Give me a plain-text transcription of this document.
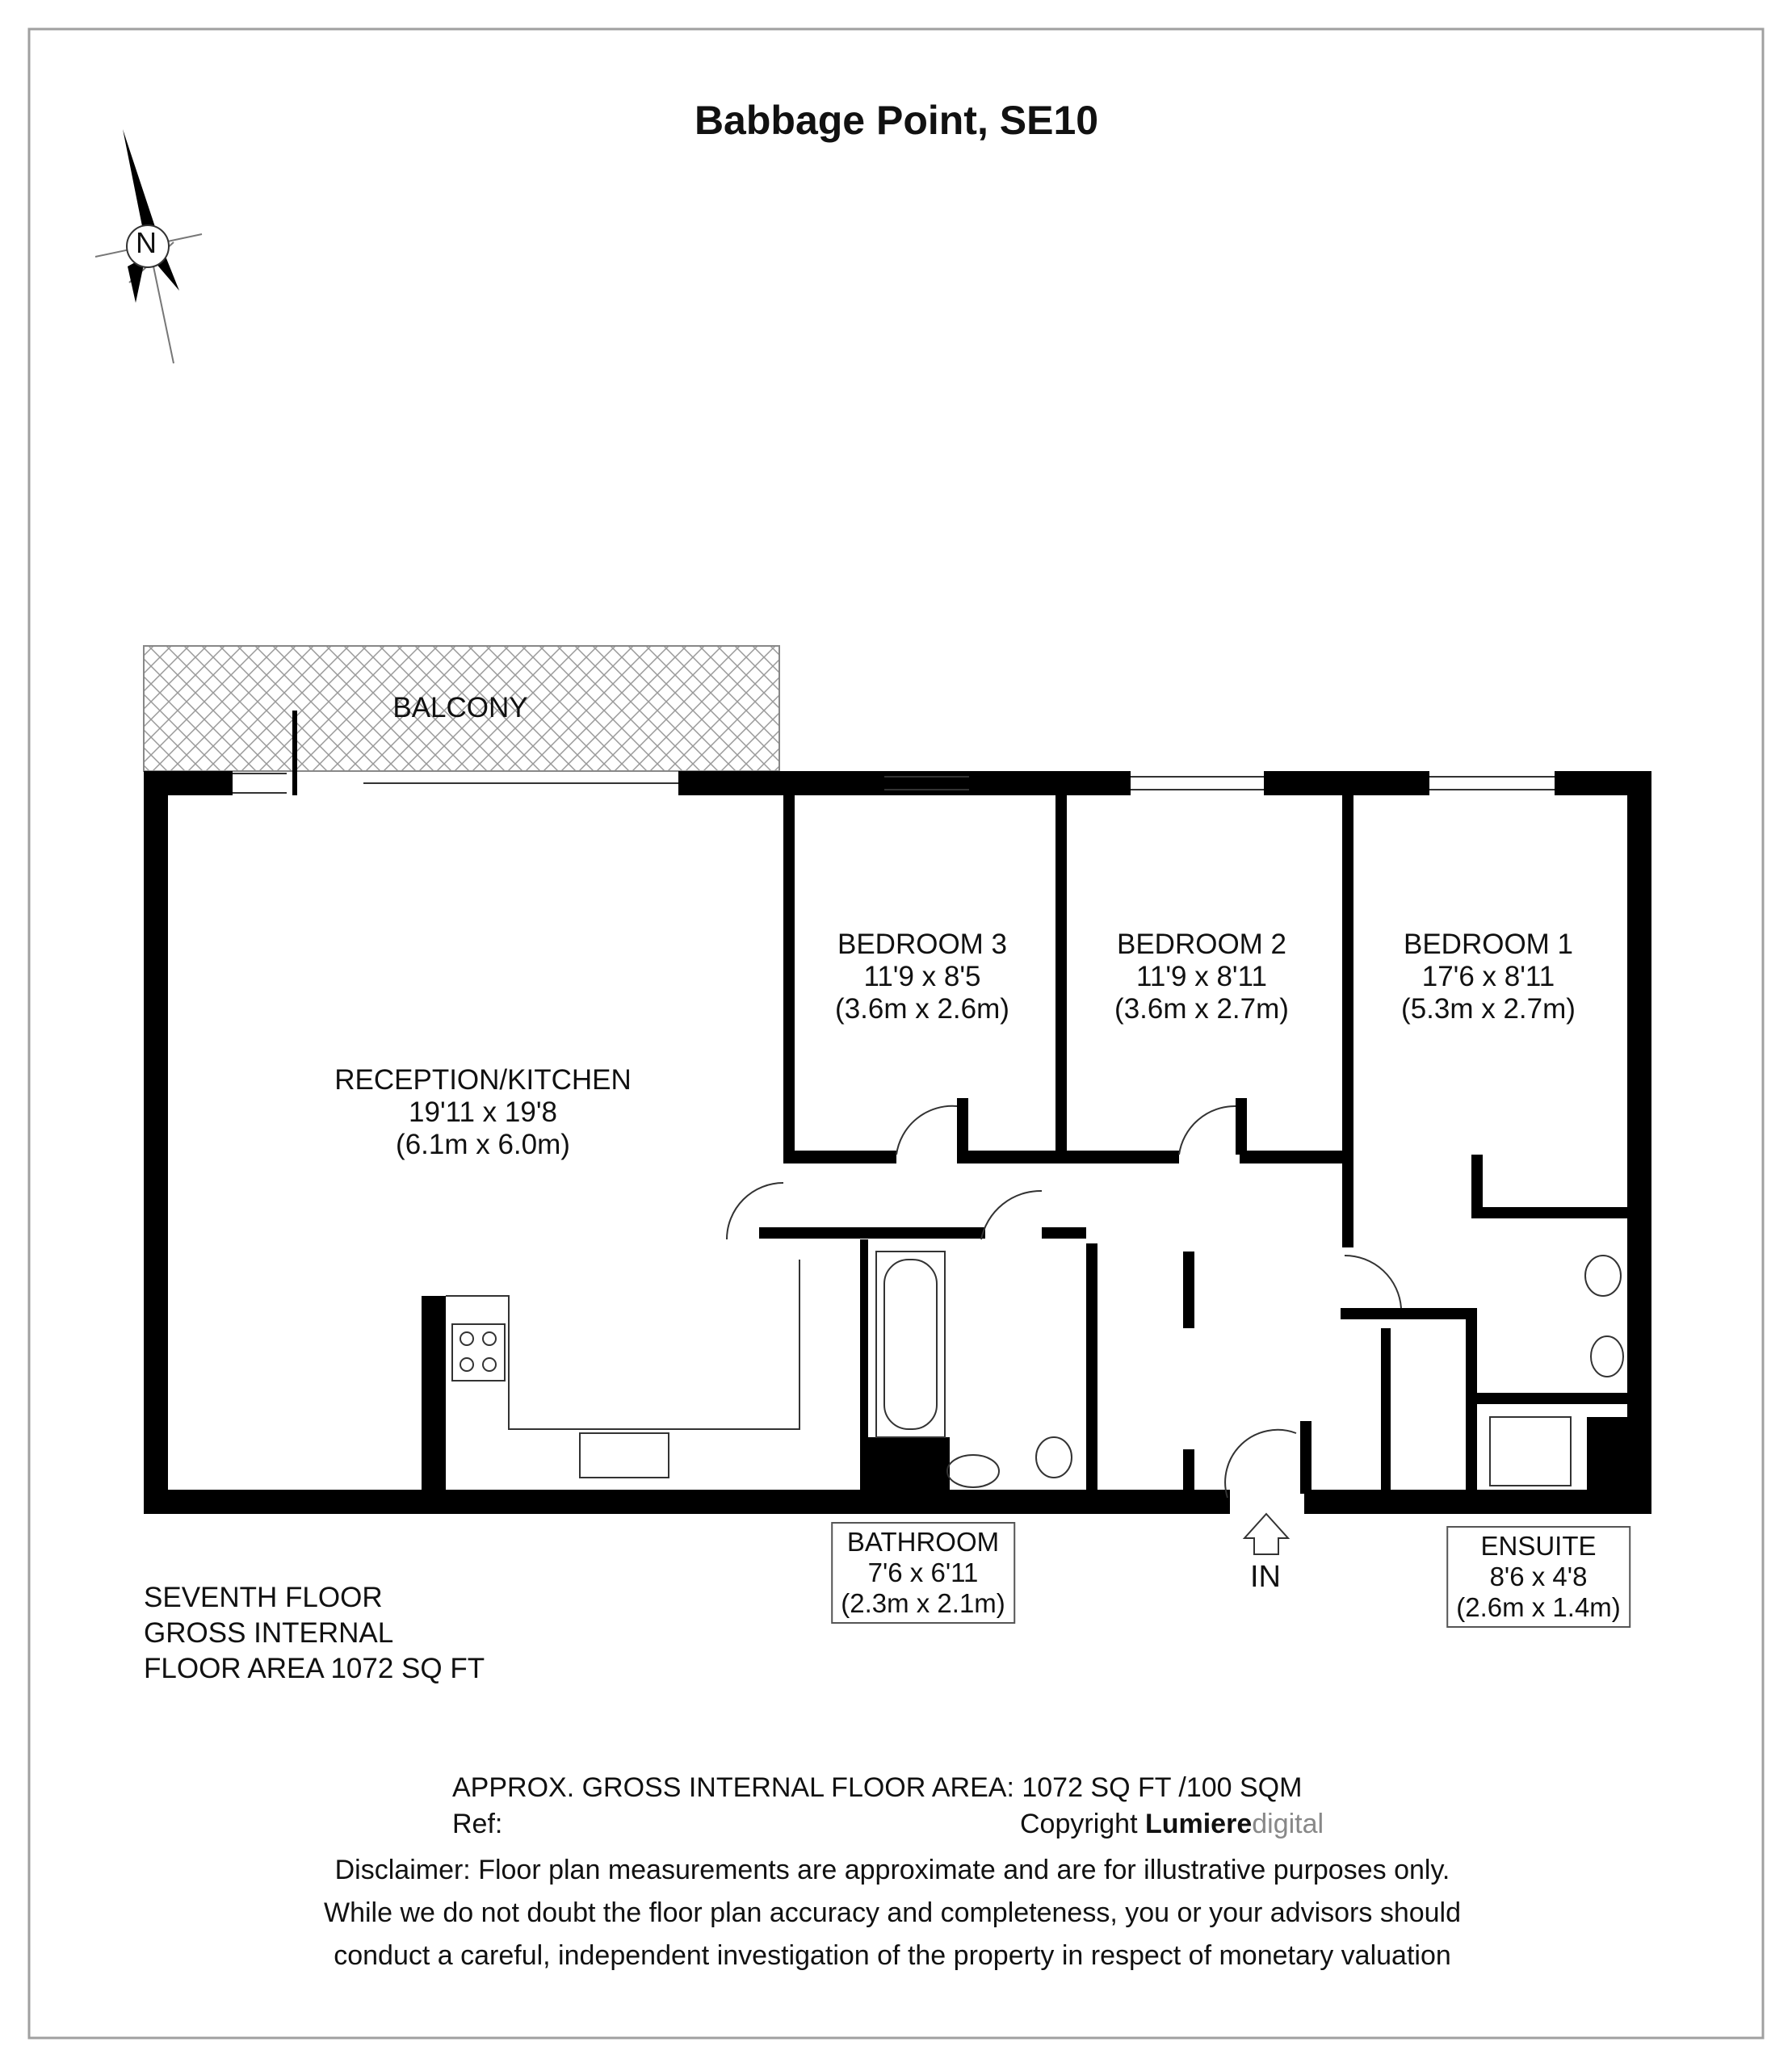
Babbage Point, SE10
N
BALCONY
RECEPTION/KITCHEN
19'11 x 19'8
(6.1m x 6.0m)
BEDROOM 3
11'9 x 8'5
(3.6m x 2.6m)
BEDROOM 2
11'9 x 8'11
(3.6m x 2.7m)
BEDROOM 1
17'6 x 8'11
(5.3m x 2.7m)
BATHROOM
7'6 x 6'11
(2.3m x 2.1m)
ENSUITE
8'6 x 4'8
(2.6m x 1.4m)
IN
SEVENTH FLOOR
GROSS INTERNAL
FLOOR AREA 1072 SQ FT
APPROX. GROSS INTERNAL FLOOR AREA: 1072 SQ FT /100 SQM
Ref:	Copyright Lumieredigital
Disclaimer: Floor plan measurements are approximate and are for illustrative purposes only.
While we do not doubt the floor plan accuracy and completeness, you or your advisors should
conduct a careful, independent investigation of the property in respect of monetary valuation
